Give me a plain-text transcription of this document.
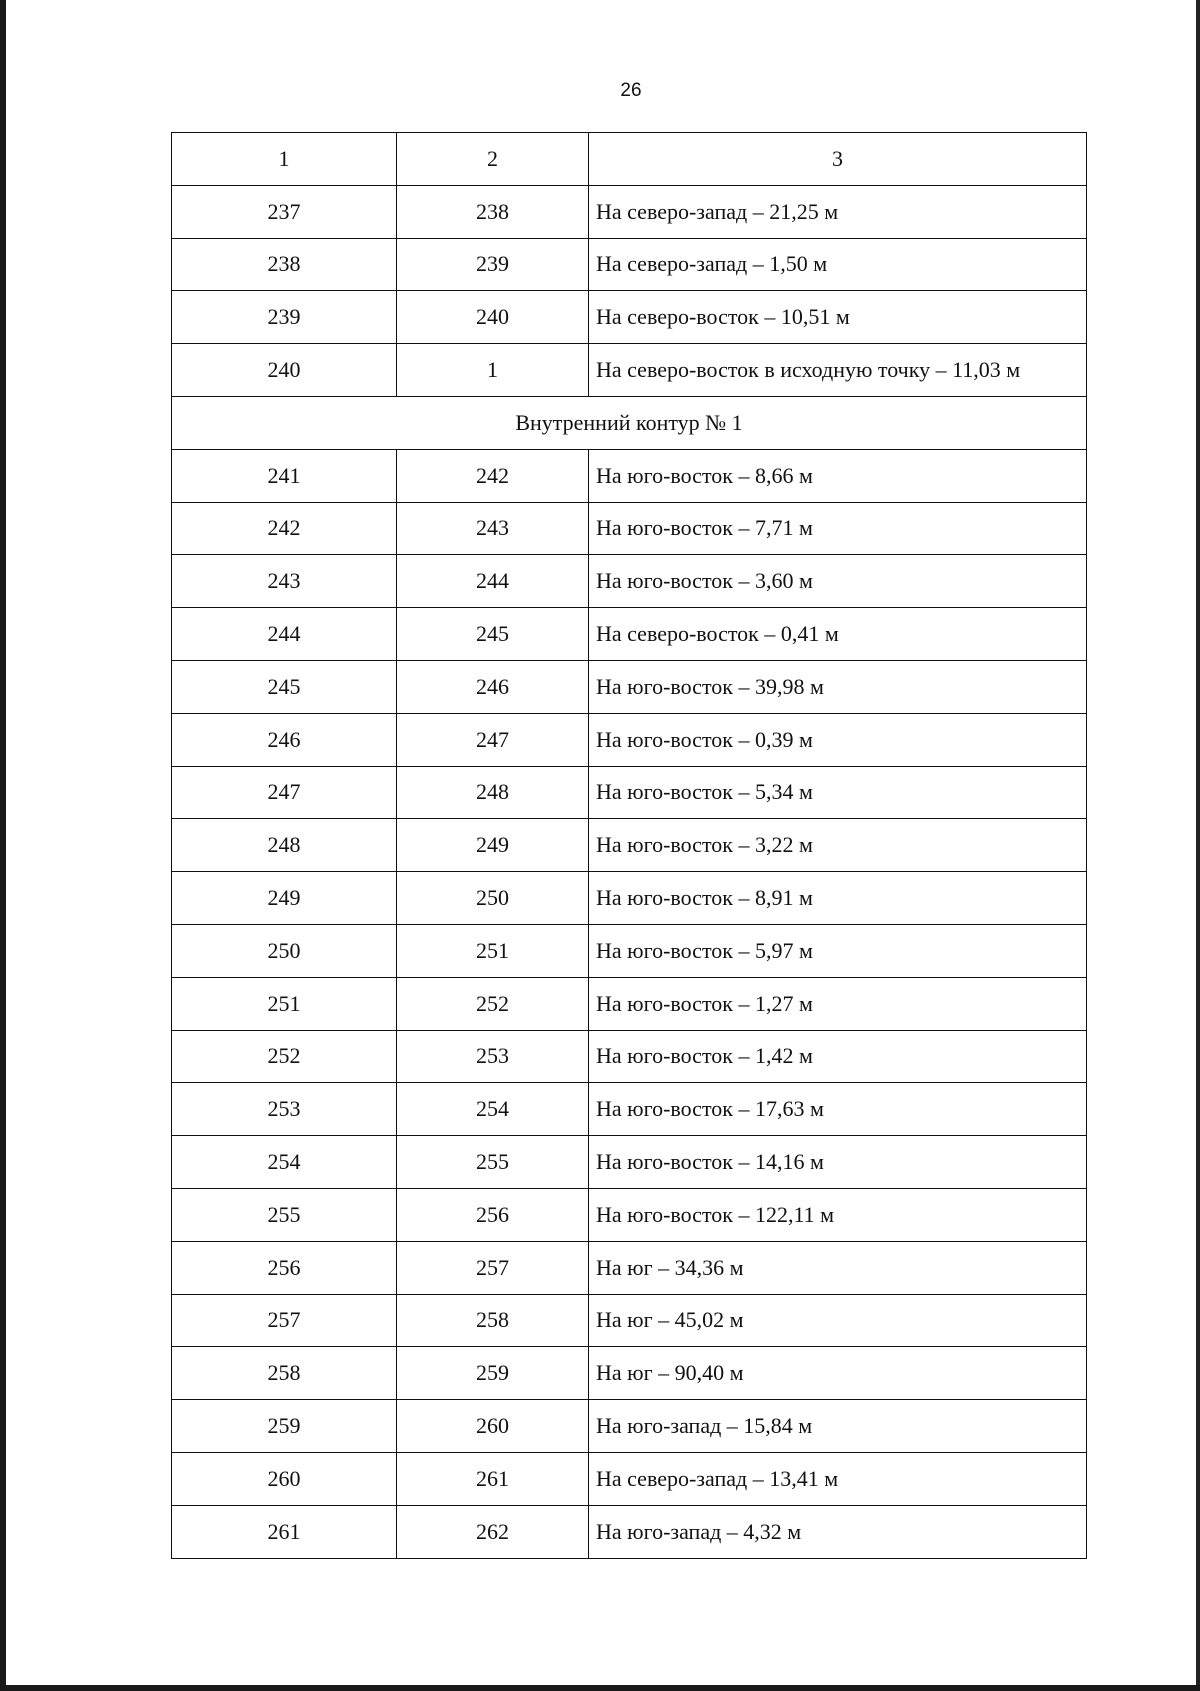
26
1	2	3
237	238	На северо-запад – 21,25 м
238	239	На северо-запад – 1,50 м
239	240	На северо-восток – 10,51 м
240	1	На северо-восток в исходную точку – 11,03 м
Внутренний контур № 1		
241	242	На юго-восток – 8,66 м
242	243	На юго-восток – 7,71 м
243	244	На юго-восток – 3,60 м
244	245	На северо-восток – 0,41 м
245	246	На юго-восток – 39,98 м
246	247	На юго-восток – 0,39 м
247	248	На юго-восток – 5,34 м
248	249	На юго-восток – 3,22 м
249	250	На юго-восток – 8,91 м
250	251	На юго-восток – 5,97 м
251	252	На юго-восток – 1,27 м
252	253	На юго-восток – 1,42 м
253	254	На юго-восток – 17,63 м
254	255	На юго-восток – 14,16 м
255	256	На юго-восток – 122,11 м
256	257	На юг – 34,36 м
257	258	На юг – 45,02 м
258	259	На юг – 90,40 м
259	260	На юго-запад – 15,84 м
260	261	На северо-запад – 13,41 м
261	262	На юго-запад – 4,32 м
